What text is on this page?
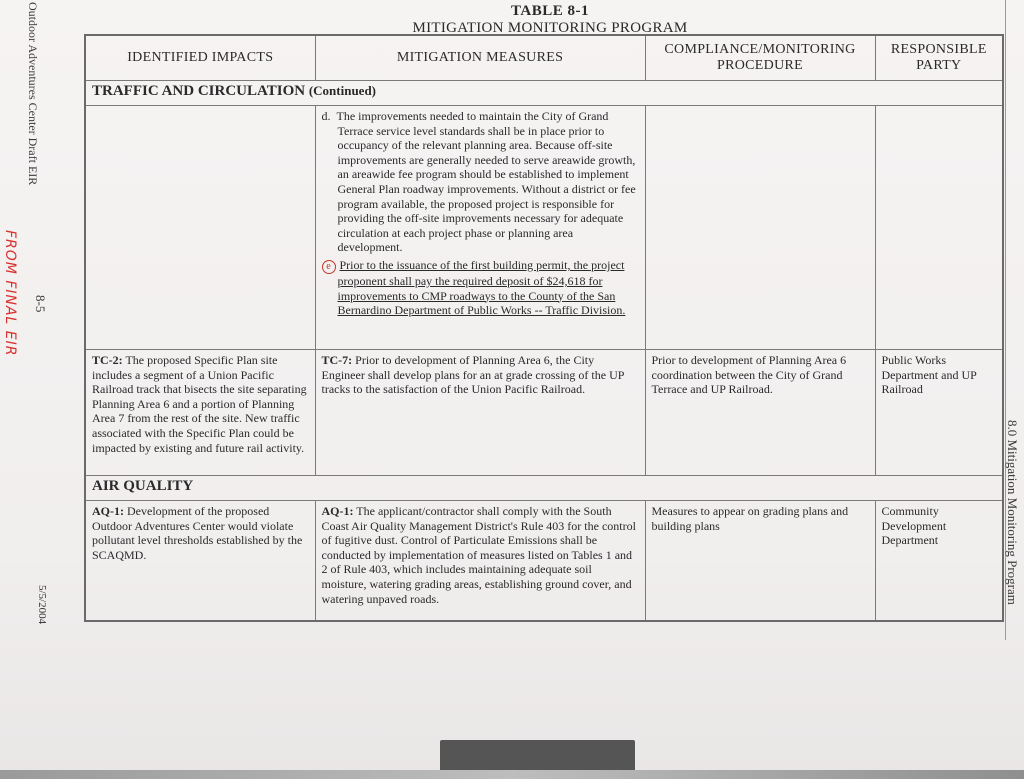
Outdoor Adventures Center Draft EIR
FROM FINAL EIR 8-5
5/5/2004	8.0 Mitigation Monitoring Program
TABLE 8-1
MITIGATION MONITORING PROGRAM
IDENTIFIED IMPACTS	MITIGATION MEASURES	COMPLIANCE/MONITORING PROCEDURE	RESPONSIBLE PARTY
TRAFFIC AND CIRCULATION (Continued)			

	d. The improvements needed to maintain the City of Grand Terrace service level standards shall be in place prior to occupancy of the relevant planning area. Because off-site improvements are generally needed to serve areawide growth, an areawide fee program should be established to implement General Plan roadway improvements. Without a district or fee program available, the proposed project is responsible for providing the off-site improvements necessary for adequate circulation at each project phase or planning area development.

e Prior to the issuance of the first building permit, the project proponent shall pay the required deposit of $24,618 for improvements to CMP roadways to the County of the San Bernardino Department of Public Works -- Traffic Division.		

TC-2: The proposed Specific Plan site includes a segment of a Union Pacific Railroad track that bisects the site separating Planning Area 6 and a portion of Planning Area 7 from the rest of the site. New traffic associated with the Specific Plan could be impacted by existing and future rail activity.	TC-7: Prior to development of Planning Area 6, the City Engineer shall develop plans for an at grade crossing of the UP tracks to the satisfaction of the Union Pacific Railroad.	Prior to development of Planning Area 6 coordination between the City of Grand Terrace and UP Railroad.	Public Works Department and UP Railroad
AIR QUALITY			
AQ-1: Development of the proposed Outdoor Adventures Center would violate pollutant level thresholds established by the SCAQMD.	AQ-1: The applicant/contractor shall comply with the South Coast Air Quality Management District's Rule 403 for the control of fugitive dust. Control of Particulate Emissions shall be conducted by implementation of measures listed on Tables 1 and 2 of Rule 403, which includes maintaining adequate soil moisture, watering grading areas, establishing ground cover, and watering unpaved roads.	Measures to appear on grading plans and building plans	Community Development Department
